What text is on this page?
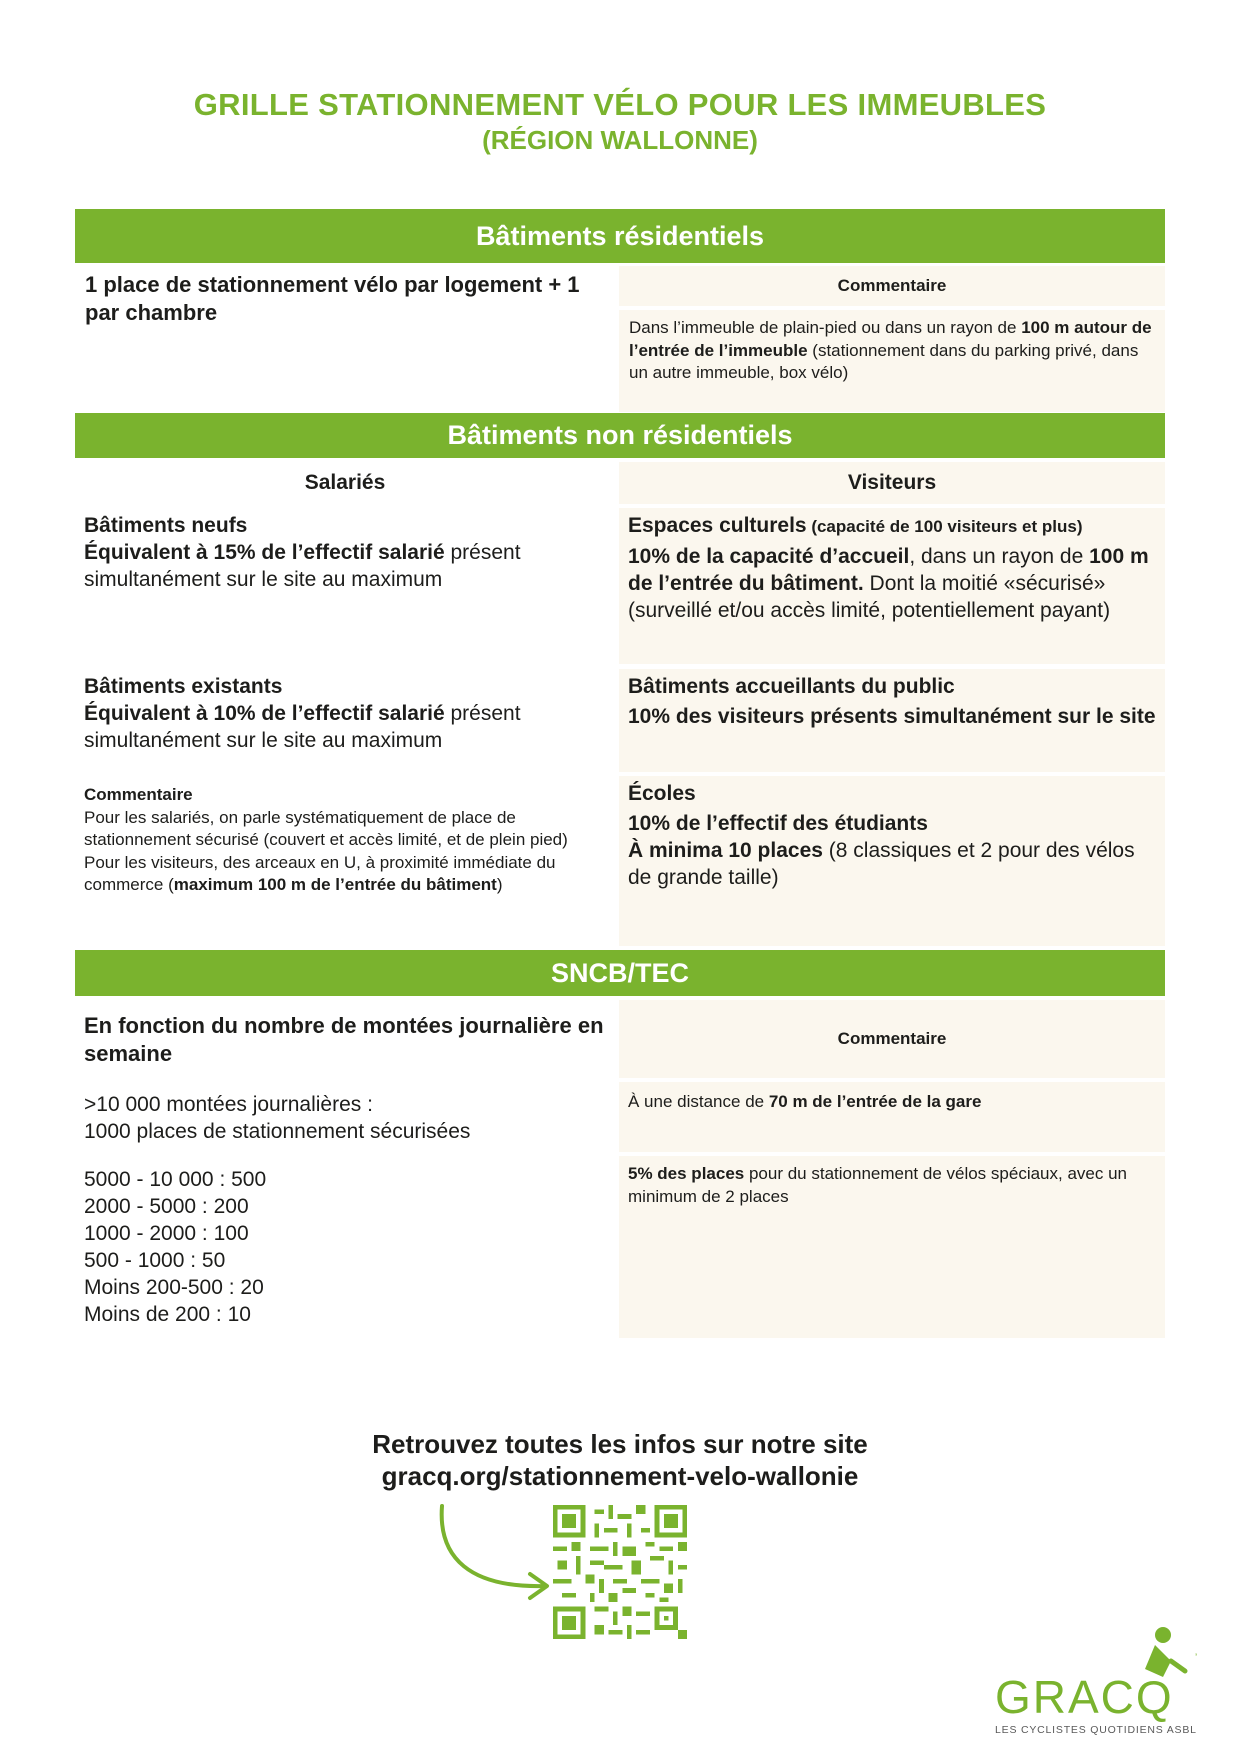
GRILLE STATIONNEMENT VÉLO POUR LES IMMEUBLES
(RÉGION WALLONNE)
Bâtiments résidentiels
1 place de stationnement vélo par logement + 1 par chambre
Commentaire
Dans l’immeuble de plain-pied ou dans un rayon de 100 m autour de l’entrée de l’immeuble (stationnement dans du parking privé, dans un autre immeuble, box vélo)
Bâtiments non résidentiels
Salariés	Visiteurs
Bâtiments neufs
Équivalent à 15% de l’effectif salarié présent simultanément sur le site au maximum
Espaces culturels (capacité de 100 visiteurs et plus)
10% de la capacité d’accueil, dans un rayon de 100 m de l’entrée du bâtiment. Dont la moitié «sécurisé» (surveillé et/ou accès limité, potentiellement payant)
Bâtiments existants
Équivalent à 10% de l’effectif salarié présent simultanément sur le site au maximum
Bâtiments accueillants du public
10% des visiteurs présents simultanément sur le site
Commentaire
Pour les salariés, on parle systématiquement de place de stationnement sécurisé (couvert et accès limité, et de plein pied)
Pour les visiteurs, des arceaux en U, à proximité immédiate du commerce (maximum 100 m de l’entrée du bâtiment)
Écoles
10% de l’effectif des étudiants
À minima 10 places (8 classiques et 2 pour des vélos de grande taille)
SNCB/TEC
En fonction du nombre de montées journalière en semaine
Commentaire
>10 000 montées journalières :
1000 places de stationnement sécurisées
À une distance de 70 m de l’entrée de la gare
5000 - 10 000 : 500
2000 - 5000 : 200
1000 - 2000 : 100
500 - 1000 : 50
Moins 200-500 : 20
Moins de 200 : 10
5% des places pour du stationnement de vélos spéciaux, avec un minimum de 2 places
Retrouvez toutes les infos sur notre site
gracq.org/stationnement-velo-wallonie
ʼ
GRACQ
LES CYCLISTES QUOTIDIENS ASBL
